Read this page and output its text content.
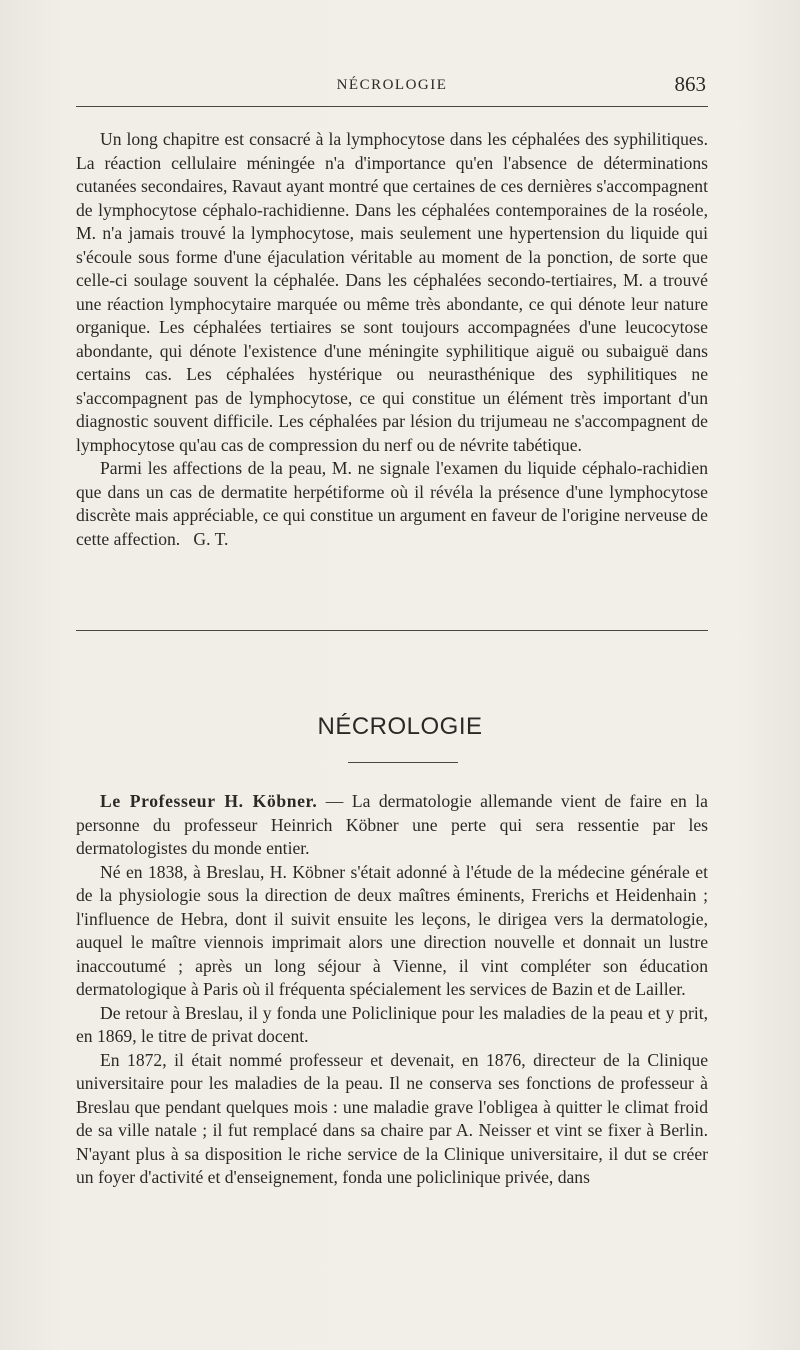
NÉCROLOGIE	863

Un long chapitre est consacré à la lymphocytose dans les céphalées des syphilitiques. La réaction cellulaire méningée n'a d'importance qu'en l'absence de déterminations cutanées secondaires, Ravaut ayant montré que certaines de ces dernières s'accompagnent de lymphocytose céphalo-rachidienne. Dans les céphalées contemporaines de la roséole, M. n'a jamais trouvé la lymphocytose, mais seulement une hypertension du liquide qui s'écoule sous forme d'une éjaculation véritable au moment de la ponction, de sorte que celle-ci soulage souvent la céphalée. Dans les céphalées secondo-tertiaires, M. a trouvé une réaction lymphocytaire marquée ou même très abondante, ce qui dénote leur nature organique. Les céphalées tertiaires se sont toujours accompagnées d'une leucocytose abondante, qui dénote l'existence d'une méningite syphilitique aiguë ou subaiguë dans certains cas. Les céphalées hystérique ou neurasthénique des syphilitiques ne s'accompagnent pas de lymphocytose, ce qui constitue un élément très important d'un diagnostic souvent difficile. Les céphalées par lésion du trijumeau ne s'accompagnent de lymphocytose qu'au cas de compression du nerf ou de névrite tabétique.

Parmi les affections de la peau, M. ne signale l'examen du liquide céphalo-rachidien que dans un cas de dermatite herpétiforme où il révéla la présence d'une lymphocytose discrète mais appréciable, ce qui constitue un argument en faveur de l'origine nerveuse de cette affection. G. T.

NÉCROLOGIE

Le Professeur H. Köbner. — La dermatologie allemande vient de faire en la personne du professeur Heinrich Köbner une perte qui sera ressentie par les dermatologistes du monde entier.

Né en 1838, à Breslau, H. Köbner s'était adonné à l'étude de la médecine générale et de la physiologie sous la direction de deux maîtres éminents, Frerichs et Heidenhain ; l'influence de Hebra, dont il suivit ensuite les leçons, le dirigea vers la dermatologie, auquel le maître viennois imprimait alors une direction nouvelle et donnait un lustre inaccoutumé ; après un long séjour à Vienne, il vint compléter son éducation dermatologique à Paris où il fréquenta spécialement les services de Bazin et de Lailler.

De retour à Breslau, il y fonda une Policlinique pour les maladies de la peau et y prit, en 1869, le titre de privat docent.

En 1872, il était nommé professeur et devenait, en 1876, directeur de la Clinique universitaire pour les maladies de la peau. Il ne conserva ses fonctions de professeur à Breslau que pendant quelques mois : une maladie grave l'obligea à quitter le climat froid de sa ville natale ; il fut remplacé dans sa chaire par A. Neisser et vint se fixer à Berlin. N'ayant plus à sa disposition le riche service de la Clinique universitaire, il dut se créer un foyer d'activité et d'enseignement, fonda une policlinique privée, dans
